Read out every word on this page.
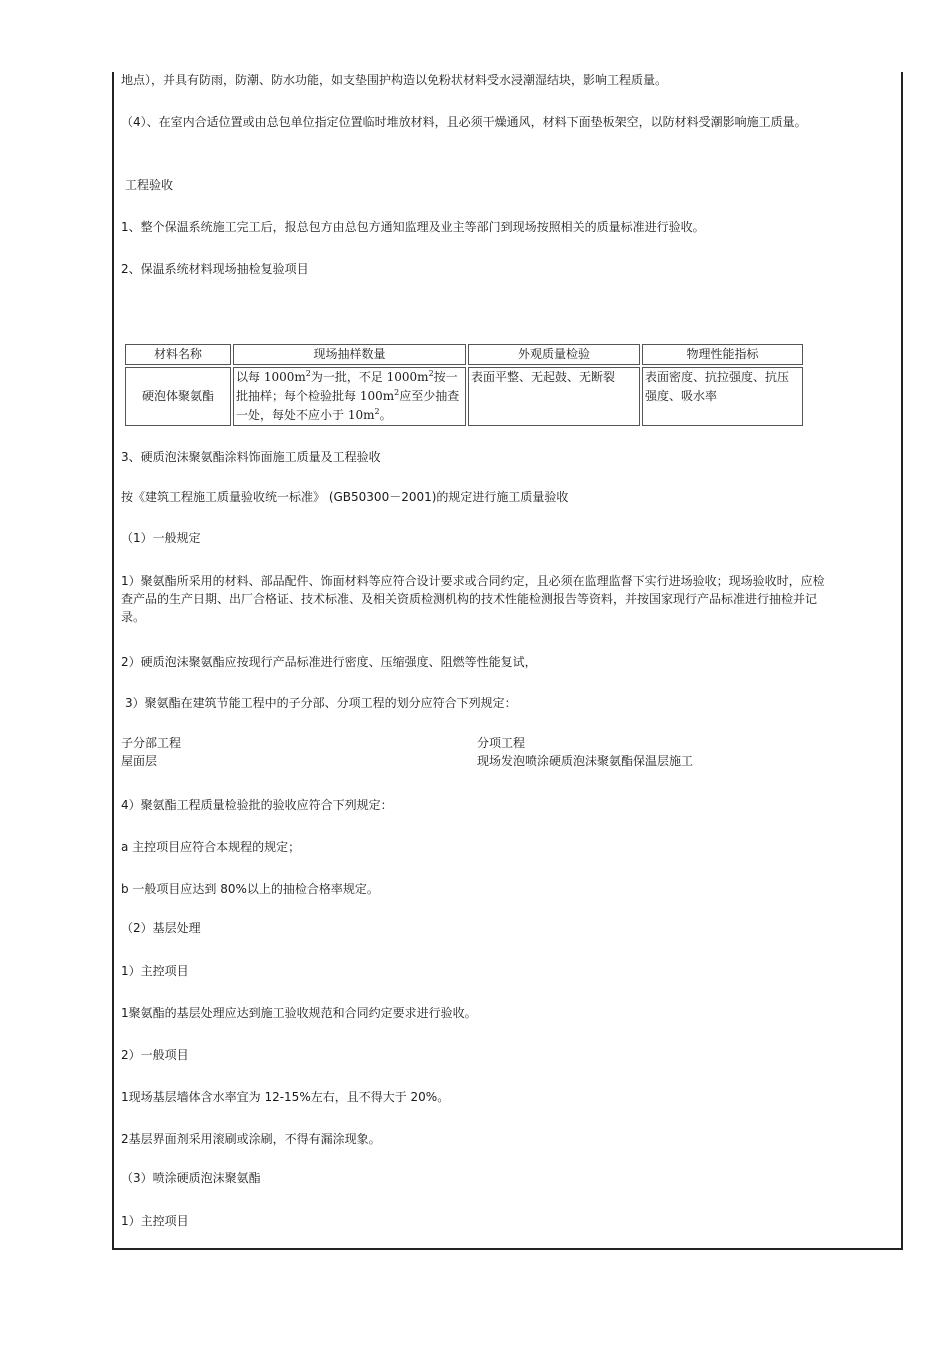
地点），并具有防雨，防潮、防水功能，如支垫围护构造以免粉状材料受水浸潮湿结块，影响工程质量。

（4）、在室内合适位置或由总包单位指定位置临时堆放材料，且必须干燥通风，材料下面垫板架空，以防材料受潮影响施工质量。

工程验收

1、整个保温系统施工完工后，报总包方由总包方通知监理及业主等部门到现场按照相关的质量标准进行验收。

2、保温系统材料现场抽检复验项目

材料名称	现场抽样数量	外观质量检验	物理性能指标
硬泡体聚氨酯	以每 $1000m^2$为一批，不足 $1000m^2$按一批抽样；每个检验批每 $100m^2$应至少抽查一处，每处不应小于 $10m^2$。	表面平整、无起鼓、无断裂	表面密度、抗拉强度、抗压强度、吸水率

3、硬质泡沫聚氨酯涂料饰面施工质量及工程验收

按《建筑工程施工质量验收统一标准》 (GB50300－2001)的规定进行施工质量验收

（1）一般规定

1）聚氨酯所采用的材料、部品配件、饰面材料等应符合设计要求或合同约定，且必须在监理监督下实行进场验收；现场验收时，应检查产品的生产日期、出厂合格证、技术标准、及相关资质检测机构的技术性能检测报告等资料，并按国家现行产品标准进行抽检并记录。

2）硬质泡沫聚氨酯应按现行产品标准进行密度、压缩强度、阻燃等性能复试，

3）聚氨酯在建筑节能工程中的子分部、分项工程的划分应符合下列规定：

子分部工程	分项工程

屋面层	现场发泡喷涂硬质泡沫聚氨酯保温层施工

4）聚氨酯工程质量检验批的验收应符合下列规定：

a 主控项目应符合本规程的规定；

b 一般项目应达到 80%以上的抽检合格率规定。

（2）基层处理

1）主控项目

1聚氨酯的基层处理应达到施工验收规范和合同约定要求进行验收。

2）一般项目

1现场基层墙体含水率宜为 12-15%左右，且不得大于 20%。

2基层界面剂采用滚刷或涂刷，不得有漏涂现象。

（3）喷涂硬质泡沫聚氨酯

1）主控项目
